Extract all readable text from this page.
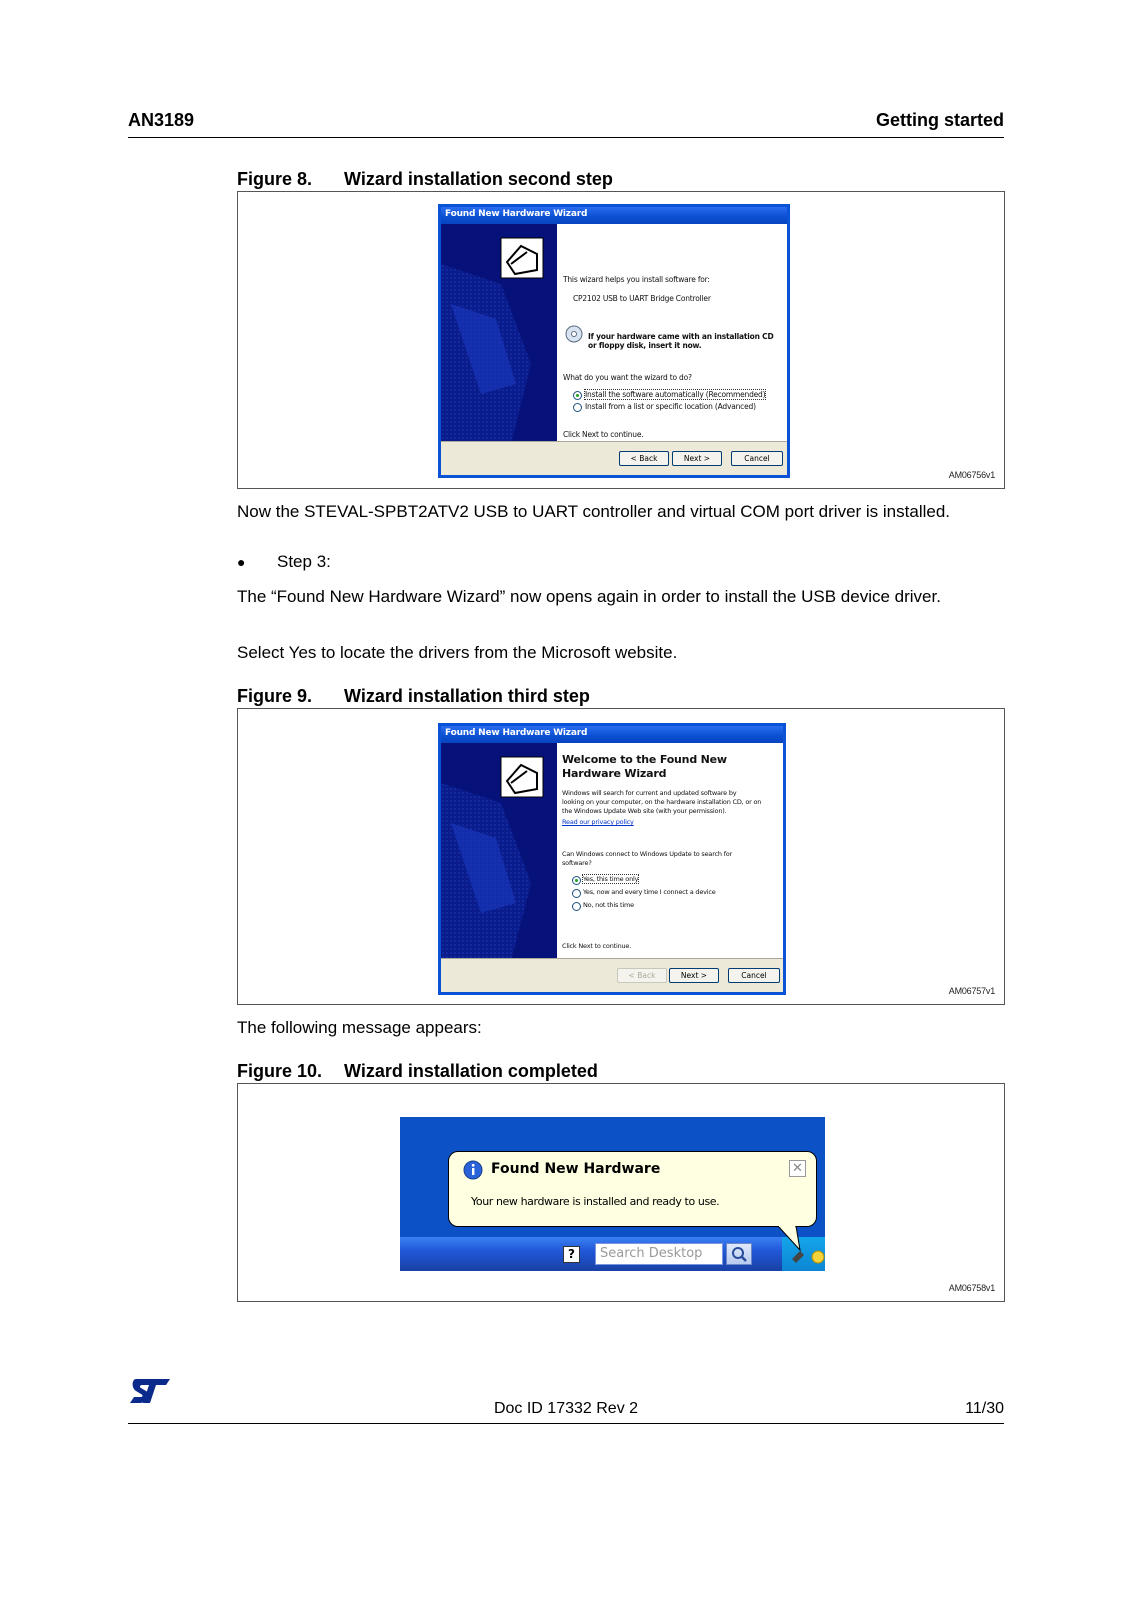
AN3189	Getting started
Figure 8. Wizard installation second step
Found New Hardware Wizard
This wizard helps you install software for:
CP2102 USB to UART Bridge Controller
If your hardware came with an installation CD
or floppy disk, insert it now.
What do you want the wizard to do?
Install the software automatically (Recommended)
Install from a list or specific location (Advanced)
Click Next to continue.
< Back	Next >	Cancel
AM06756v1
Now the STEVAL-SPBT2ATV2 USB to UART controller and virtual COM port driver is installed.
● Step 3:
The “Found New Hardware Wizard” now opens again in order to install the USB device driver.
Select Yes to locate the drivers from the Microsoft website.
Figure 9. Wizard installation third step
Found New Hardware Wizard
Welcome to the Found New
Hardware Wizard
Windows will search for current and updated software by
looking on your computer, on the hardware installation CD, or on
the Windows Update Web site (with your permission).
Read our privacy policy
Can Windows connect to Windows Update to search for
software?
Yes, this time only
Yes, now and every time I connect a device
No, not this time
Click Next to continue.
< Back	Next >	Cancel
AM06757v1
The following message appears:
Figure 10. Wizard installation completed
?	Search Desktop
Found New Hardware	✕
Your new hardware is installed and ready to use.
AM06758v1
Doc ID 17332 Rev 2	11/30
